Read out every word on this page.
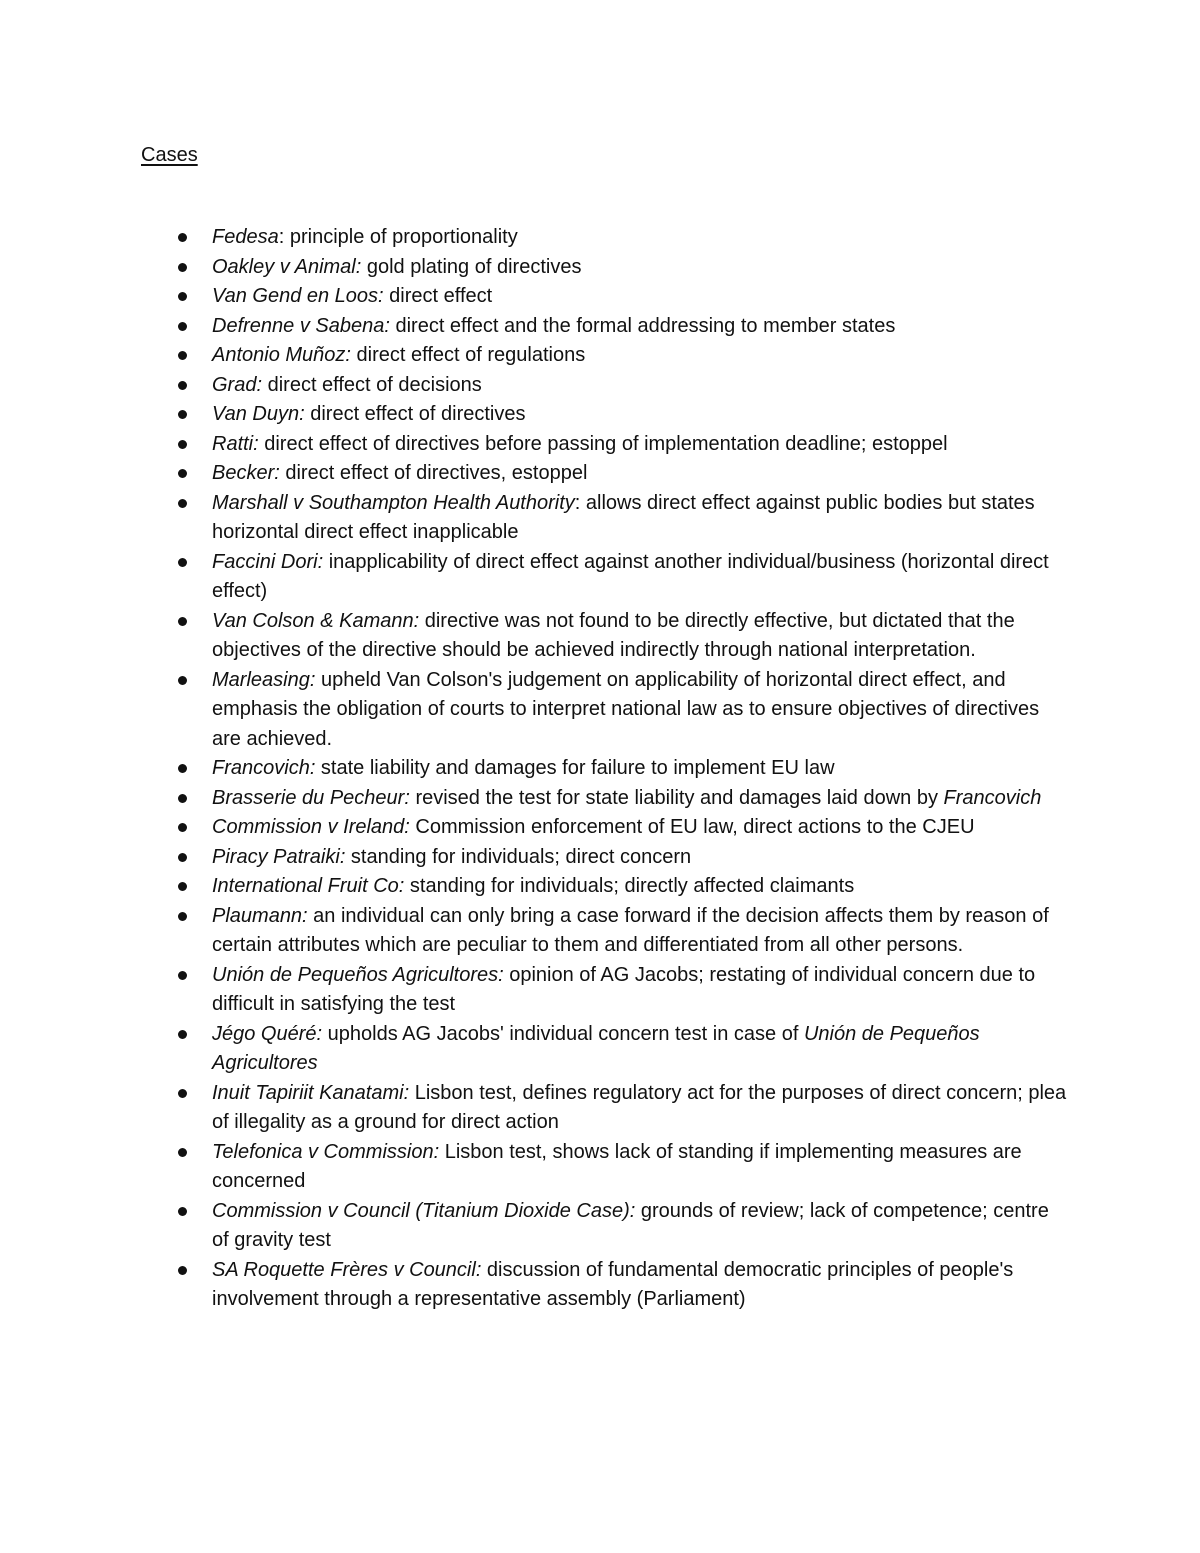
Cases
Fedesa: principle of proportionality
Oakley v Animal: gold plating of directives
Van Gend en Loos: direct effect
Defrenne v Sabena: direct effect and the formal addressing to member states
Antonio Muñoz: direct effect of regulations
Grad: direct effect of decisions
Van Duyn: direct effect of directives
Ratti: direct effect of directives before passing of implementation deadline; estoppel
Becker: direct effect of directives, estoppel
Marshall v Southampton Health Authority: allows direct effect against public bodies but states horizontal direct effect inapplicable
Faccini Dori: inapplicability of direct effect against another individual/business (horizontal direct effect)
Van Colson & Kamann: directive was not found to be directly effective, but dictated that the objectives of the directive should be achieved indirectly through national interpretation.
Marleasing: upheld Van Colson's judgement on applicability of horizontal direct effect, and emphasis the obligation of courts to interpret national law as to ensure objectives of directives are achieved.
Francovich: state liability and damages for failure to implement EU law
Brasserie du Pecheur: revised the test for state liability and damages laid down by Francovich
Commission v Ireland: Commission enforcement of EU law, direct actions to the CJEU
Piracy Patraiki: standing for individuals; direct concern
International Fruit Co: standing for individuals; directly affected claimants
Plaumann: an individual can only bring a case forward if the decision affects them by reason of certain attributes which are peculiar to them and differentiated from all other persons.
Unión de Pequeños Agricultores: opinion of AG Jacobs; restating of individual concern due to difficult in satisfying the test
Jégo Quéré: upholds AG Jacobs' individual concern test in case of Unión de Pequeños Agricultores
Inuit Tapiriit Kanatami: Lisbon test, defines regulatory act for the purposes of direct concern; plea of illegality as a ground for direct action
Telefonica v Commission: Lisbon test, shows lack of standing if implementing measures are concerned
Commission v Council (Titanium Dioxide Case): grounds of review; lack of competence; centre of gravity test
SA Roquette Frères v Council: discussion of fundamental democratic principles of people's involvement through a representative assembly (Parliament)
